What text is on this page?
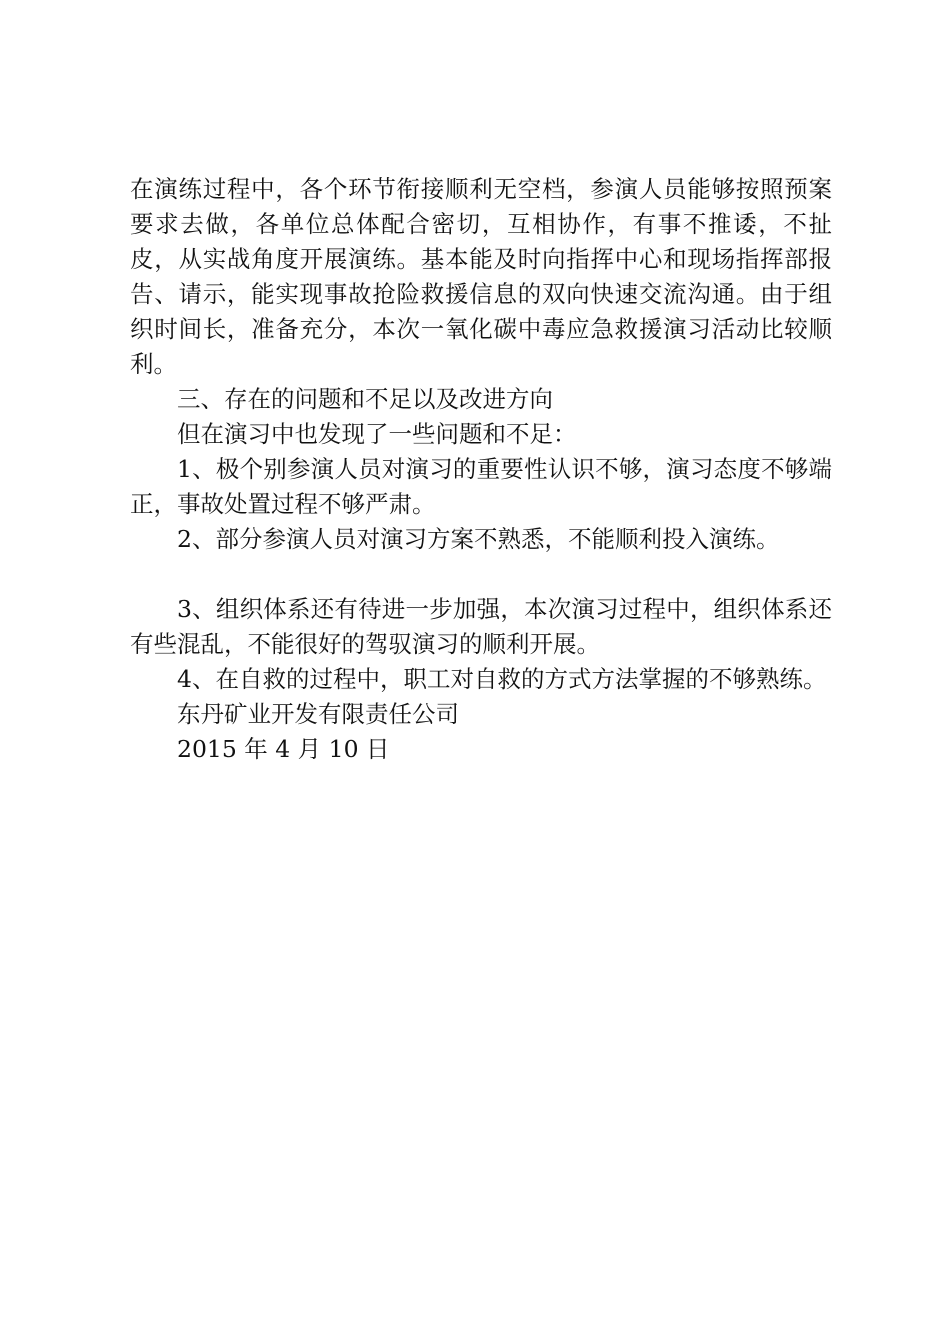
在演练过程中，各个环节衔接顺利无空档，参演人员能够按照预案要求去做，各单位总体配合密切，互相协作，有事不推诿，不扯皮，从实战角度开展演练。基本能及时向指挥中心和现场指挥部报告、请示，能实现事故抢险救援信息的双向快速交流沟通。由于组织时间长，准备充分，本次一氧化碳中毒应急救援演习活动比较顺利。

三、存在的问题和不足以及改进方向

但在演习中也发现了一些问题和不足：

1、极个别参演人员对演习的重要性认识不够，演习态度不够端正，事故处置过程不够严肃。

2、部分参演人员对演习方案不熟悉，不能顺利投入演练。

3、组织体系还有待进一步加强，本次演习过程中，组织体系还有些混乱，不能很好的驾驭演习的顺利开展。

4、在自救的过程中，职工对自救的方式方法掌握的不够熟练。

东丹矿业开发有限责任公司

2015 年 4 月 10 日
